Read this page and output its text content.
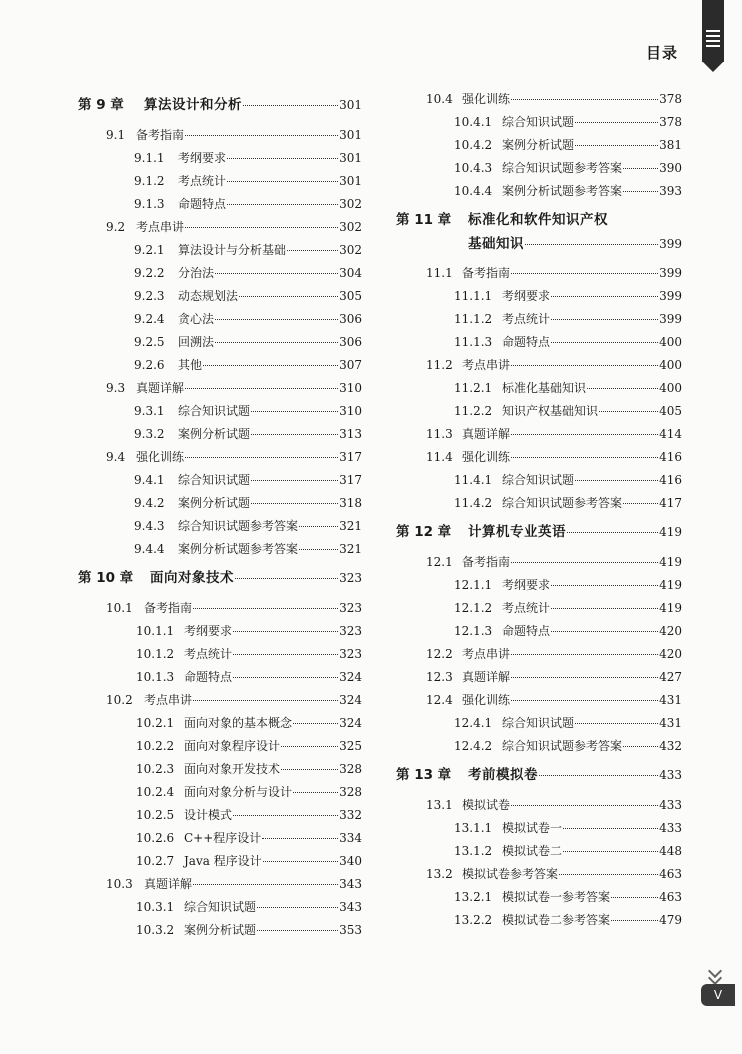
目录
第 9 章	算法设计和分析	301
9.1 备考指南	301
9.1.1	考纲要求	301
9.1.2	考点统计	301
9.1.3	命题特点	302
9.2 考点串讲	302
9.2.1	算法设计与分析基础	302
9.2.2	分治法	304
9.2.3	动态规划法	305
9.2.4	贪心法	306
9.2.5	回溯法	306
9.2.6	其他	307
9.3 真题详解	310
9.3.1	综合知识试题	310
9.3.2	案例分析试题	313
9.4 强化训练	317
9.4.1	综合知识试题	317
9.4.2	案例分析试题	318
9.4.3	综合知识试题参考答案	321
9.4.4	案例分析试题参考答案	321
第 10 章	面向对象技术	323
10.1 备考指南	323
10.1.1 考纲要求	323
10.1.2 考点统计	323
10.1.3 命题特点	324
10.2 考点串讲	324
10.2.1 面向对象的基本概念	324
10.2.2 面向对象程序设计	325
10.2.3 面向对象开发技术	328
10.2.4 面向对象分析与设计	328
10.2.5 设计模式	332
10.2.6 C++程序设计	334
10.2.7 Java 程序设计	340
10.3 真题详解	343
10.3.1 综合知识试题	343
10.3.2 案例分析试题	353
10.4 强化训练	378
10.4.1 综合知识试题	378
10.4.2 案例分析试题	381
10.4.3 综合知识试题参考答案	390
10.4.4 案例分析试题参考答案	393
第 11 章 标准化和软件知识产权
基础知识	399
11.1 备考指南	399
11.1.1 考纲要求	399
11.1.2 考点统计	399
11.1.3 命题特点	400
11.2 考点串讲	400
11.2.1 标准化基础知识	400
11.2.2 知识产权基础知识	405
11.3 真题详解	414
11.4 强化训练	416
11.4.1 综合知识试题	416
11.4.2 综合知识试题参考答案	417
第 12 章	计算机专业英语	419
12.1 备考指南	419
12.1.1 考纲要求	419
12.1.2 考点统计	419
12.1.3 命题特点	420
12.2 考点串讲	420
12.3 真题详解	427
12.4 强化训练	431
12.4.1 综合知识试题	431
12.4.2 综合知识试题参考答案	432
第 13 章	考前模拟卷	433
13.1 模拟试卷	433
13.1.1 模拟试卷一	433
13.1.2 模拟试卷二	448
13.2 模拟试卷参考答案	463
13.2.1 模拟试卷一参考答案	463
13.2.2 模拟试卷二参考答案	479
V
